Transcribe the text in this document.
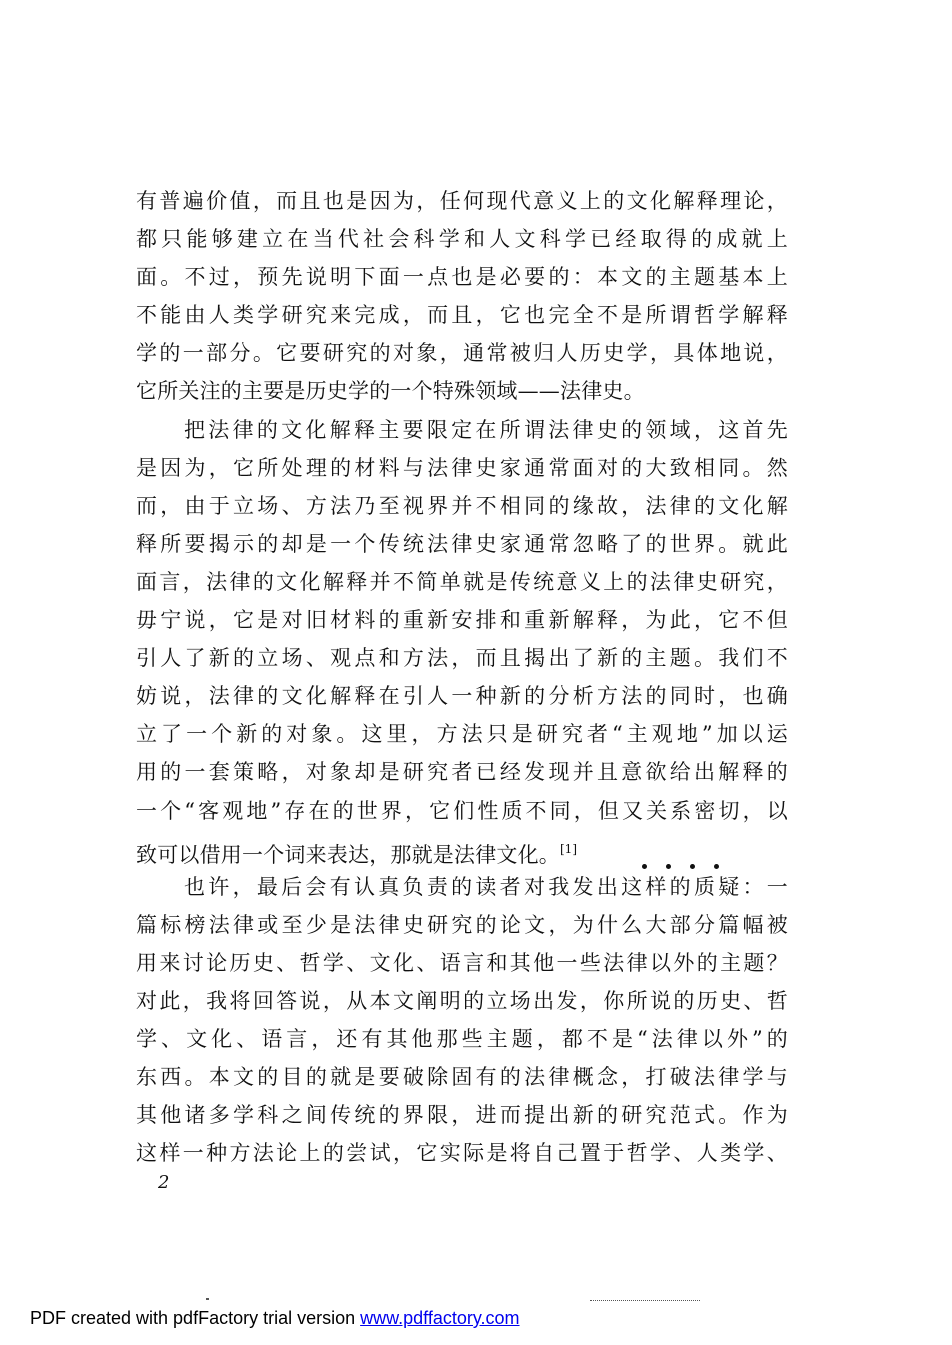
有普遍价值，而且也是因为，任何现代意义上的文化解释理论，
都只能够建立在当代社会科学和人文科学已经取得的成就上
面。不过，预先说明下面一点也是必要的：本文的主题基本上
不能由人类学研究来完成，而且，它也完全不是所谓哲学解释
学的一部分。它要研究的对象，通常被归人历史学，具体地说，
它所关注的主要是历史学的一个特殊领域——法律史。
把法律的文化解释主要限定在所谓法律史的领域，这首先
是因为，它所处理的材料与法律史家通常面对的大致相同。然
而，由于立场、方法乃至视界并不相同的缘故，法律的文化解
释所要揭示的却是一个传统法律史家通常忽略了的世界。就此
面言，法律的文化解释并不简单就是传统意义上的法律史研究，
毋宁说，它是对旧材料的重新安排和重新解释，为此，它不但
引人了新的立场、观点和方法，而且揭出了新的主题。我们不
妨说，法律的文化解释在引人一种新的分析方法的同时，也确
立了一个新的对象。这里，方法只是研究者“主观地”加以运
用的一套策略，对象却是研究者已经发现并且意欲给出解释的
一个“客观地”存在的世界，它们性质不同，但又关系密切，以
致可以借用一个词来表达，那就是法律文化。[1]
也许，最后会有认真负责的读者对我发出这样的质疑：一
篇标榜法律或至少是法律史研究的论文，为什么大部分篇幅被
用来讨论历史、哲学、文化、语言和其他一些法律以外的主题？
对此，我将回答说，从本文阐明的立场出发，你所说的历史、哲
学、文化、语言，还有其他那些主题，都不是“法律以外”的
东西。本文的目的就是要破除固有的法律概念，打破法律学与
其他诸多学科之间传统的界限，进而提出新的研究范式。作为
这样一种方法论上的尝试，它实际是将自己置于哲学、人类学、
2
PDF created with pdfFactory trial version www.pdffactory.com
